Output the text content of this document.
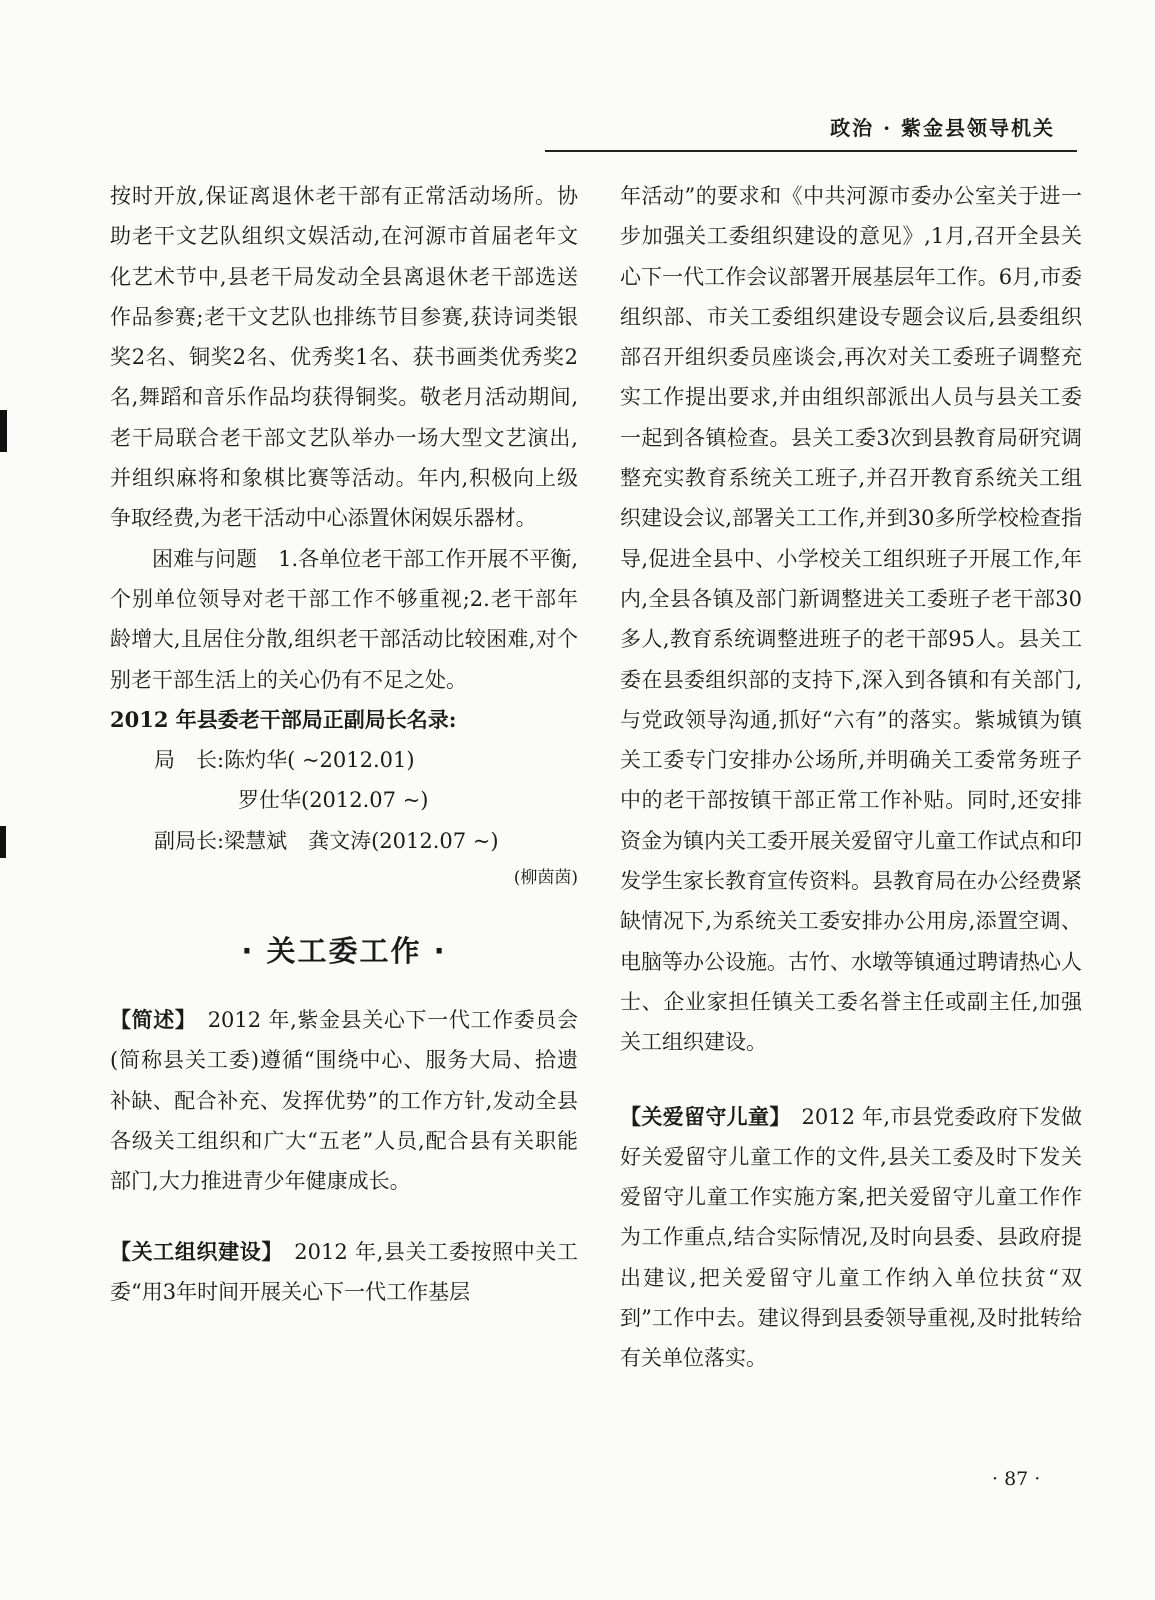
政治 · 紫金县领导机关

按时开放,保证离退休老干部有正常活动场所。协助老干文艺队组织文娱活动,在河源市首届老年文化艺术节中,县老干局发动全县离退休老干部选送作品参赛;老干文艺队也排练节目参赛,获诗词类银奖2名、铜奖2名、优秀奖1名、获书画类优秀奖2名,舞蹈和音乐作品均获得铜奖。敬老月活动期间,老干局联合老干部文艺队举办一场大型文艺演出,并组织麻将和象棋比赛等活动。年内,积极向上级争取经费,为老干活动中心添置休闲娱乐器材。

困难与问题　 1.各单位老干部工作开展不平衡,个别单位领导对老干部工作不够重视;2.老干部年龄增大,且居住分散,组织老干部活动比较困难,对个别老干部生活上的关心仍有不足之处。

2012 年县委老干部局正副局长名录:

局　长:陈灼华( ~2012.01)
罗仕华(2012.07 ~)
副局长:梁慧斌　龚文涛(2012.07 ~)
(柳茵茵)
· 关工委工作 ·

【简述】　 2012 年,紫金县关心下一代工作委员会(简称县关工委)遵循“围绕中心、服务大局、拾遗补缺、配合补充、发挥优势”的工作方针,发动全县各级关工组织和广大“五老”人员,配合县有关职能部门,大力推进青少年健康成长。

【关工组织建设】　 2012 年,县关工委按照中关工委“用3年时间开展关心下一代工作基层

年活动”的要求和《中共河源市委办公室关于进一步加强关工委组织建设的意见》,1月,召开全县关心下一代工作会议部署开展基层年工作。6月,市委组织部、市关工委组织建设专题会议后,县委组织部召开组织委员座谈会,再次对关工委班子调整充实工作提出要求,并由组织部派出人员与县关工委一起到各镇检查。县关工委3次到县教育局研究调整充实教育系统关工班子,并召开教育系统关工组织建设会议,部署关工工作,并到30多所学校检查指导,促进全县中、小学校关工组织班子开展工作,年内,全县各镇及部门新调整进关工委班子老干部30多人,教育系统调整进班子的老干部95人。县关工委在县委组织部的支持下,深入到各镇和有关部门,与党政领导沟通,抓好“六有”的落实。紫城镇为镇关工委专门安排办公场所,并明确关工委常务班子中的老干部按镇干部正常工作补贴。同时,还安排资金为镇内关工委开展关爱留守儿童工作试点和印发学生家长教育宣传资料。县教育局在办公经费紧缺情况下,为系统关工委安排办公用房,添置空调、电脑等办公设施。古竹、水墩等镇通过聘请热心人士、企业家担任镇关工委名誉主任或副主任,加强关工组织建设。

【关爱留守儿童】　 2012 年,市县党委政府下发做好关爱留守儿童工作的文件,县关工委及时下发关爱留守儿童工作实施方案,把关爱留守儿童工作作为工作重点,结合实际情况,及时向县委、县政府提出建议,把关爱留守儿童工作纳入单位扶贫“双到”工作中去。建议得到县委领导重视,及时批转给有关单位落实。

· 87 ·
